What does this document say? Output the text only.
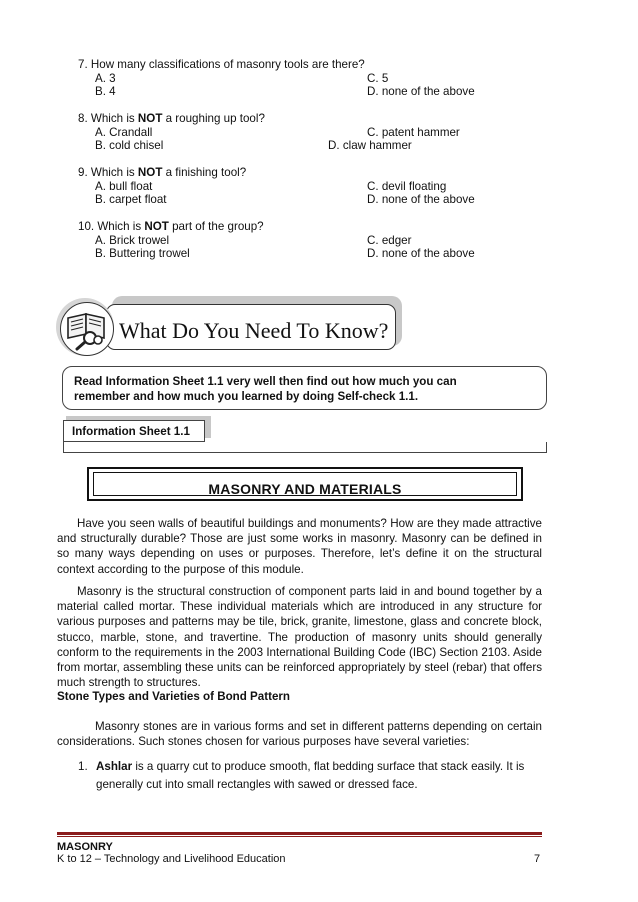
7. How many classifications of masonry tools are there?
A. 3	C. 5
B. 4	D. none of the above
8. Which is NOT a roughing up tool?
A. Crandall	C. patent hammer
B. cold chisel	D. claw hammer
9. Which is NOT a finishing tool?
A. bull float	C. devil floating
B. carpet float	D. none of the above
10. Which is NOT part of the group?
A. Brick trowel	C. edger
B. Buttering trowel	D. none of the above
What Do You Need To Know?
Read Information Sheet 1.1 very well then find out how much you can
remember and how much you learned by doing Self-check 1.1.
Information Sheet 1.1
MASONRY AND MATERIALS

Have you seen walls of beautiful buildings and monuments? How are they made attractive and structurally durable? Those are just some works in masonry. Masonry can be defined in so many ways depending on uses or purposes. Therefore, let’s define it on the structural context according to the purpose of this module.

Masonry is the structural construction of component parts laid in and bound together by a material called mortar. These individual materials which are introduced in any structure for various purposes and patterns may be tile, brick, granite, limestone, glass and concrete block, stucco, marble, stone, and travertine. The production of masonry units should generally conform to the requirements in the 2003 International Building Code (IBC) Section 2103. Aside from mortar, assembling these units can be reinforced appropriately by steel (rebar) that offers much strength to structures.

Stone Types and Varieties of Bond Pattern

Masonry stones are in various forms and set in different patterns depending on certain considerations. Such stones chosen for various purposes have several varieties:

1. Ashlar is a quarry cut to produce smooth, flat bedding surface that stack easily. It is generally cut into small rectangles with sawed or dressed face.
MASONRY
K to 12 – Technology and Livelihood Education	7
